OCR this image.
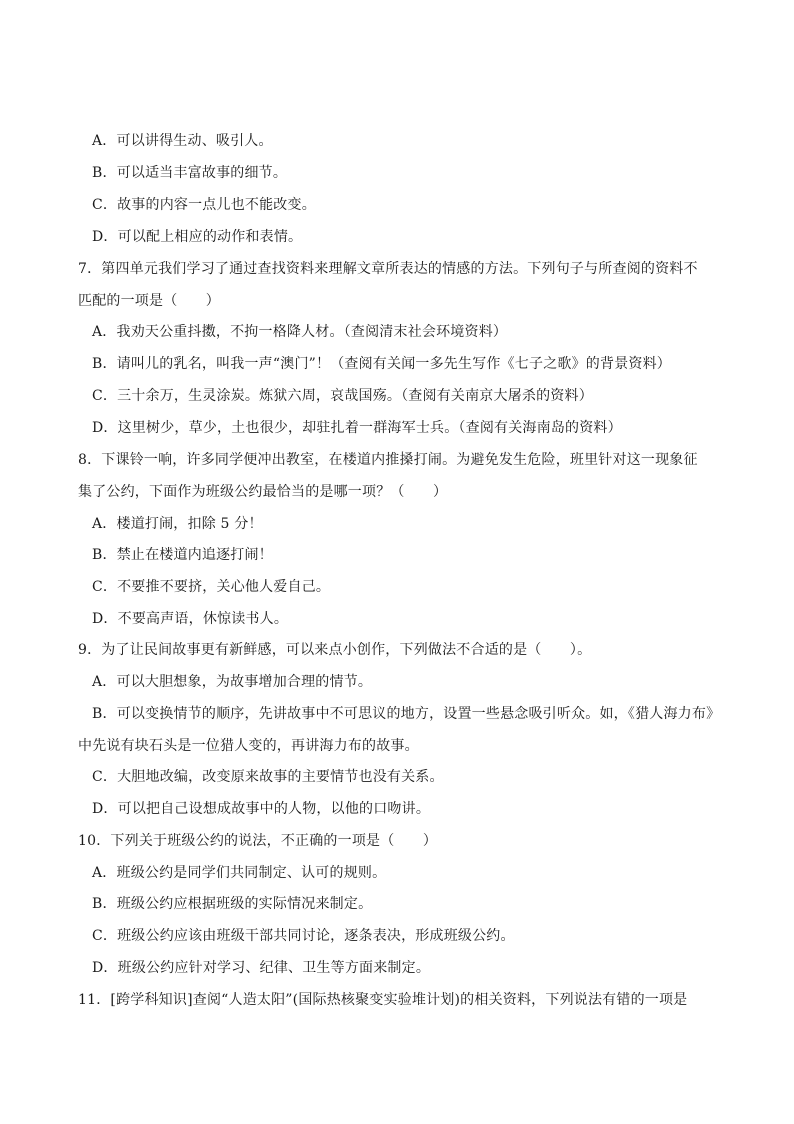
A．可以讲得生动、吸引人。
B．可以适当丰富故事的细节。
C．故事的内容一点儿也不能改变。
D．可以配上相应的动作和表情。
7．第四单元我们学习了通过查找资料来理解文章所表达的情感的方法。下列句子与所查阅的资料不
匹配的一项是（　　）
A．我劝天公重抖擞，不拘一格降人材。（查阅清末社会环境资料）
B．请叫儿的乳名，叫我一声“澳门”！（查阅有关闻一多先生写作《七子之歌》的背景资料）
C．三十余万，生灵涂炭。炼狱六周，哀哉国殇。（查阅有关南京大屠杀的资料）
D．这里树少，草少，土也很少，却驻扎着一群海军士兵。（查阅有关海南岛的资料）
8．下课铃一响，许多同学便冲出教室，在楼道内推搡打闹。为避免发生危险，班里针对这一现象征
集了公约，下面作为班级公约最恰当的是哪一项？（　　）
A．楼道打闹，扣除 5 分！
B．禁止在楼道内追逐打闹！
C．不要推不要挤，关心他人爱自己。
D．不要高声语，休惊读书人。
9．为了让民间故事更有新鲜感，可以来点小创作，下列做法不合适的是（　　）。
A．可以大胆想象，为故事增加合理的情节。
B．可以变换情节的顺序，先讲故事中不可思议的地方，设置一些悬念吸引听众。如，《猎人海力布》
中先说有块石头是一位猎人变的，再讲海力布的故事。
C．大胆地改编，改变原来故事的主要情节也没有关系。
D．可以把自己设想成故事中的人物，以他的口吻讲。
10．下列关于班级公约的说法，不正确的一项是（　　）
A．班级公约是同学们共同制定、认可的规则。
B．班级公约应根据班级的实际情况来制定。
C．班级公约应该由班级干部共同讨论，逐条表决，形成班级公约。
D．班级公约应针对学习、纪律、卫生等方面来制定。
11．[跨学科知识]查阅“人造太阳”(国际热核聚变实验堆计划)的相关资料，下列说法有错的一项是
